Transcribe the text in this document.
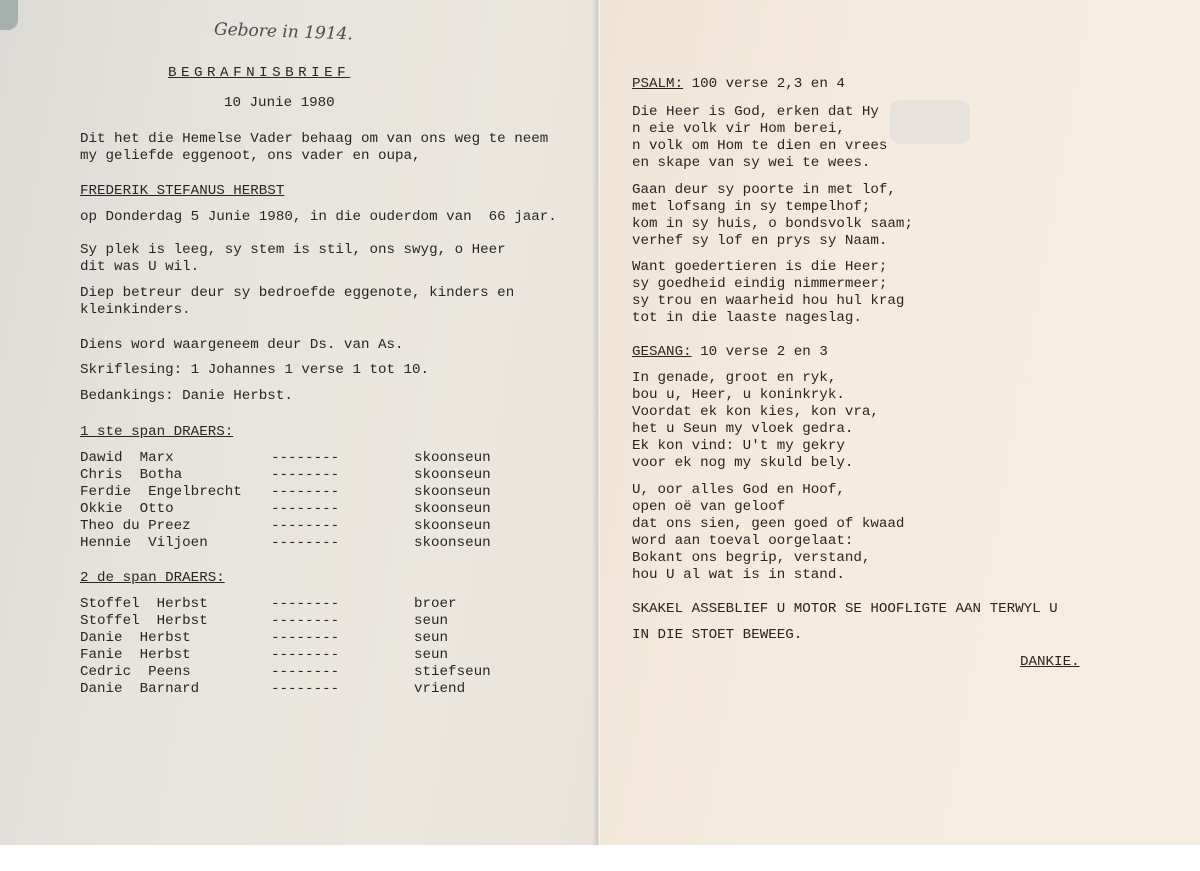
Gebore in 1914.
BEGRAFNISBRIEF
10 Junie 1980
Dit het die Hemelse Vader behaag om van ons weg te neem
my geliefde eggenoot, ons vader en oupa,
FREDERIK STEFANUS HERBST
op Donderdag 5 Junie 1980, in die ouderdom van  66 jaar.
Sy plek is leeg, sy stem is stil, ons swyg, o Heer
dit was U wil.
Diep betreur deur sy bedroefde eggenote, kinders en
kleinkinders.
Diens word waargeneem deur Ds. van As.
Skriflesing: 1 Johannes 1 verse 1 tot 10.
Bedankings: Danie Herbst.
1 ste span DRAERS:
Dawid  Marx	--------	skoonseun
Chris  Botha	--------	skoonseun
Ferdie  Engelbrecht --------	skoonseun
Okkie  Otto	--------	skoonseun
Theo du Preez	--------	skoonseun
Hennie  Viljoen	--------	skoonseun
2 de span DRAERS:
Stoffel  Herbst	--------	broer
Stoffel  Herbst	--------	seun
Danie  Herbst	--------	seun
Fanie  Herbst	--------	seun
Cedric  Peens	--------	stiefseun
Danie  Barnard	--------	vriend
PSALM: 100 verse 2,3 en 4
Die Heer is God, erken dat Hy
n eie volk vir Hom berei,
n volk om Hom te dien en vrees
en skape van sy wei te wees.
Gaan deur sy poorte in met lof,
met lofsang in sy tempelhof;
kom in sy huis, o bondsvolk saam;
verhef sy lof en prys sy Naam.
Want goedertieren is die Heer;
sy goedheid eindig nimmermeer;
sy trou en waarheid hou hul krag
tot in die laaste nageslag.
GESANG: 10 verse 2 en 3
In genade, groot en ryk,
bou u, Heer, u koninkryk.
Voordat ek kon kies, kon vra,
het u Seun my vloek gedra.
Ek kon vind: U't my gekry
voor ek nog my skuld bely.
U, oor alles God en Hoof,
open oë van geloof
dat ons sien, geen goed of kwaad
word aan toeval oorgelaat:
Bokant ons begrip, verstand,
hou U al wat is in stand.
SKAKEL ASSEBLIEF U MOTOR SE HOOFLIGTE AAN TERWYL U
IN DIE STOET BEWEEG.
DANKIE.
